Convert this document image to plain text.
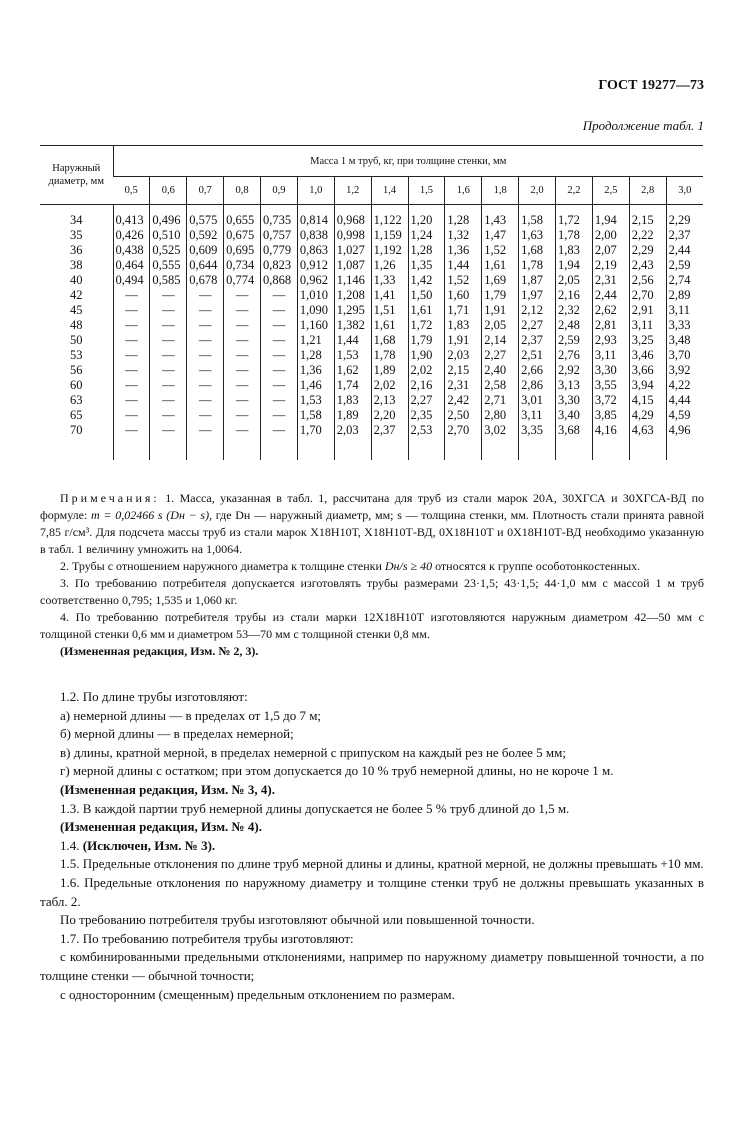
ГОСТ 19277—73
Продолжение табл. 1
Наружный диаметр, мм	Масса 1 м труб, кг, при толщине стенки, мм															
	0,5	0,6	0,7	0,8	0,9	1,0	1,2	1,4	1,5	1,6	1,8	2,0	2,2	2,5	2,8	3,0
34	0,413	0,496	0,575	0,655	0,735	0,814	0,968	1,122	1,20	1,28	1,43	1,58	1,72	1,94	2,15	2,29
35	0,426	0,510	0,592	0,675	0,757	0,838	0,998	1,159	1,24	1,32	1,47	1,63	1,78	2,00	2,22	2,37
36	0,438	0,525	0,609	0,695	0,779	0,863	1,027	1,192	1,28	1,36	1,52	1,68	1,83	2,07	2,29	2,44
38	0,464	0,555	0,644	0,734	0,823	0,912	1,087	1,26	1,35	1,44	1,61	1,78	1,94	2,19	2,43	2,59
40	0,494	0,585	0,678	0,774	0,868	0,962	1,146	1,33	1,42	1,52	1,69	1,87	2,05	2,31	2,56	2,74
42	—	—	—	—	—	1,010	1,208	1,41	1,50	1,60	1,79	1,97	2,16	2,44	2,70	2,89
45	—	—	—	—	—	1,090	1,295	1,51	1,61	1,71	1,91	2,12	2,32	2,62	2,91	3,11
48	—	—	—	—	—	1,160	1,382	1,61	1,72	1,83	2,05	2,27	2,48	2,81	3,11	3,33
50	—	—	—	—	—	1,21	1,44	1,68	1,79	1,91	2,14	2,37	2,59	2,93	3,25	3,48
53	—	—	—	—	—	1,28	1,53	1,78	1,90	2,03	2,27	2,51	2,76	3,11	3,46	3,70
56	—	—	—	—	—	1,36	1,62	1,89	2,02	2,15	2,40	2,66	2,92	3,30	3,66	3,92
60	—	—	—	—	—	1,46	1,74	2,02	2,16	2,31	2,58	2,86	3,13	3,55	3,94	4,22
63	—	—	—	—	—	1,53	1,83	2,13	2,27	2,42	2,71	3,01	3,30	3,72	4,15	4,44
65	—	—	—	—	—	1,58	1,89	2,20	2,35	2,50	2,80	3,11	3,40	3,85	4,29	4,59
70	—	—	—	—	—	1,70	2,03	2,37	2,53	2,70	3,02	3,35	3,68	4,16	4,63	4,96

Примечания: 1. Масса, указанная в табл. 1, рассчитана для труб из стали марок 20А, 30ХГСА и 30ХГСА-ВД по формуле: m = 0,02466 s (Dн − s), где Dн — наружный диаметр, мм; s — толщина стенки, мм. Плотность стали принята равной 7,85 г/см³. Для подсчета массы труб из стали марок Х18Н10Т, Х18Н10Т-ВД, 0Х18Н10Т и 0Х18Н10Т-ВД необходимо указанную в табл. 1 величину умножить на 1,0064.

2. Трубы с отношением наружного диаметра к толщине стенки Dн/s ≥ 40 относятся к группе особотонкостенных.

3. По требованию потребителя допускается изготовлять трубы размерами 23·1,5; 43·1,5; 44·1,0 мм с массой 1 м труб соответственно 0,795; 1,535 и 1,060 кг.

4. По требованию потребителя трубы из стали марки 12Х18Н10Т изготовляются наружным диаметром 42—50 мм с толщиной стенки 0,6 мм и диаметром 53—70 мм с толщиной стенки 0,8 мм.

(Измененная редакция, Изм. № 2, 3).

1.2. По длине трубы изготовляют:

а) немерной длины — в пределах от 1,5 до 7 м;

б) мерной длины — в пределах немерной;

в) длины, кратной мерной, в пределах немерной с припуском на каждый рез не более 5 мм;

г) мерной длины с остатком; при этом допускается до 10 % труб немерной длины, но не короче 1 м.

(Измененная редакция, Изм. № 3, 4).

1.3. В каждой партии труб немерной длины допускается не более 5 % труб длиной до 1,5 м.

(Измененная редакция, Изм. № 4).

1.4. (Исключен, Изм. № 3).

1.5. Предельные отклонения по длине труб мерной длины и длины, кратной мерной, не должны превышать +10 мм.

1.6. Предельные отклонения по наружному диаметру и толщине стенки труб не должны превышать указанных в табл. 2.

По требованию потребителя трубы изготовляют обычной или повышенной точности.

1.7. По требованию потребителя трубы изготовляют:

с комбинированными предельными отклонениями, например по наружному диаметру повышенной точности, а по толщине стенки — обычной точности;

с односторонним (смещенным) предельным отклонением по размерам.
